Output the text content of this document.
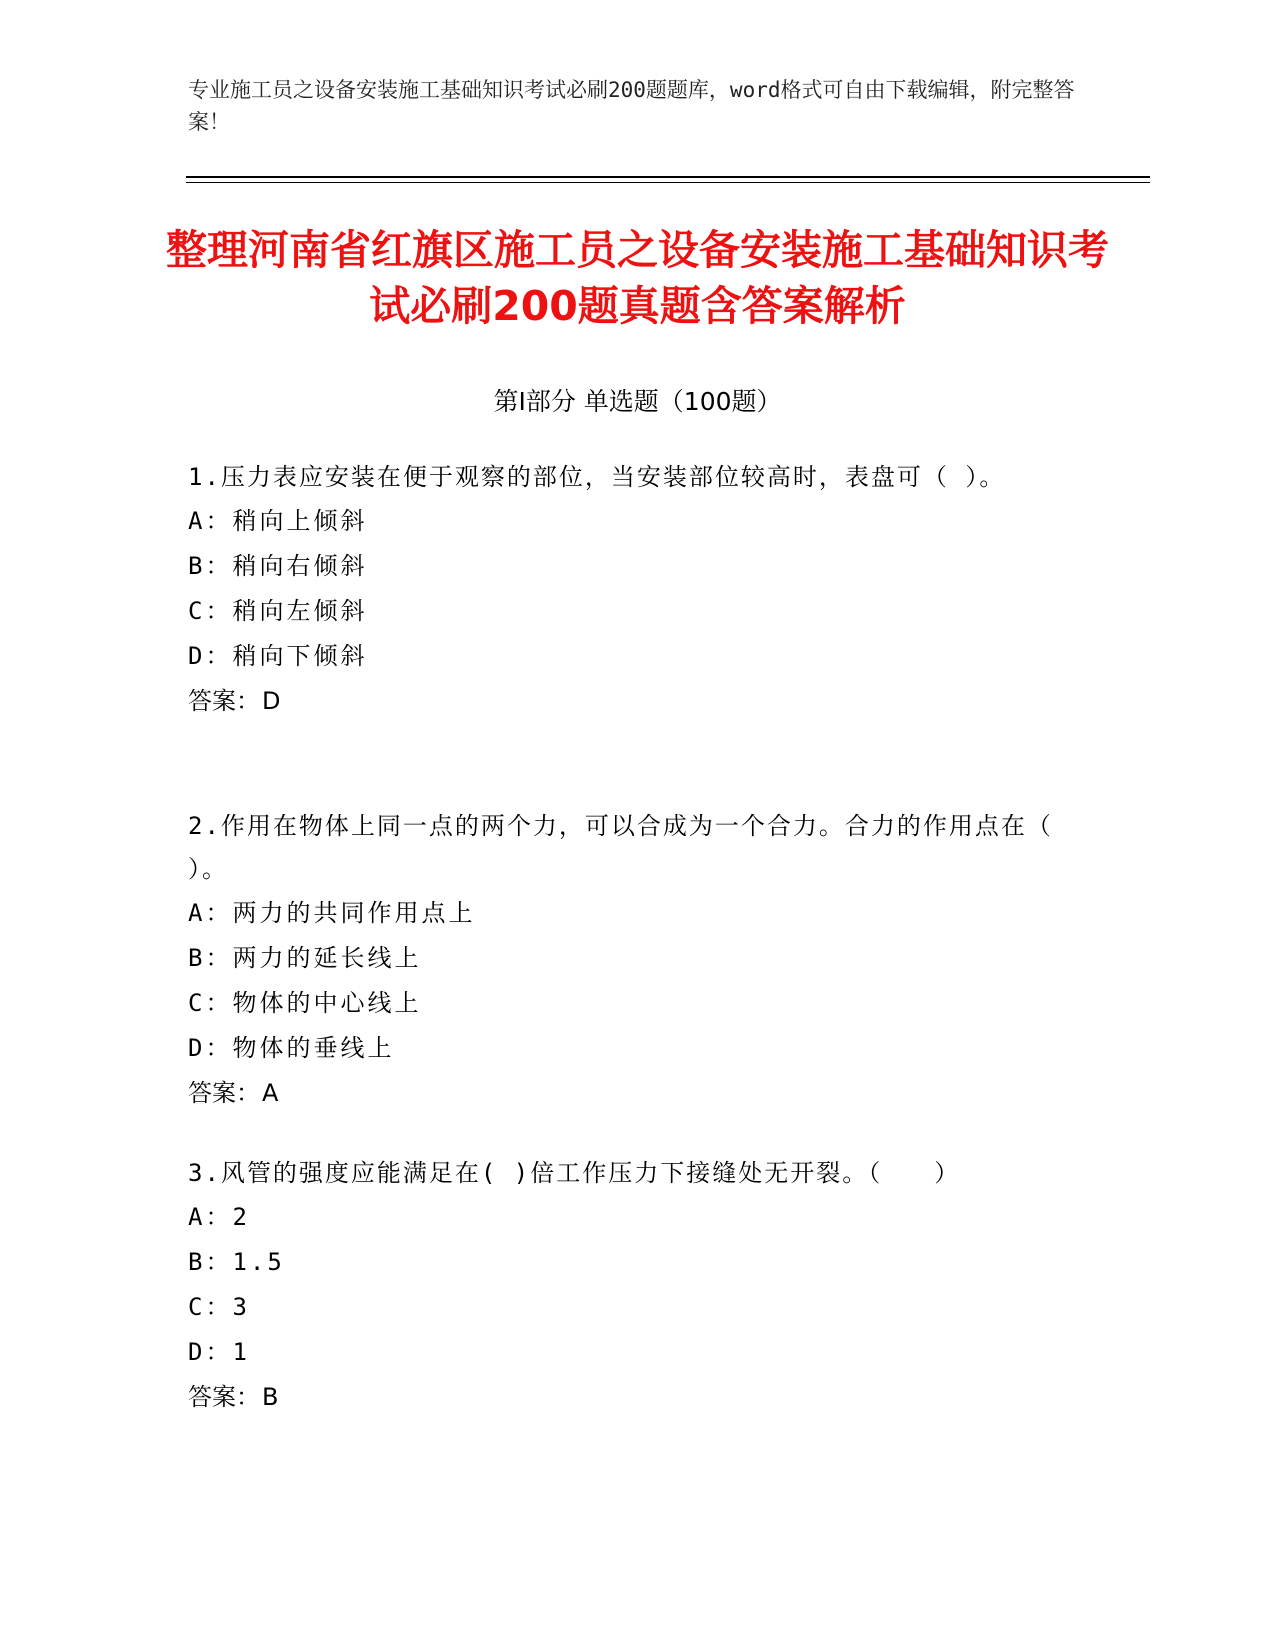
专业施工员之设备安装施工基础知识考试必刷200题题库，word格式可自由下载编辑，附完整答案！
整理河南省红旗区施工员之设备安装施工基础知识考试必刷200题真题含答案解析
第Ⅰ部分 单选题（100题）

1.压力表应安装在便于观察的部位，当安装部位较高时，表盘可（ ）。

A：稍向上倾斜

B：稍向右倾斜

C：稍向左倾斜

D：稍向下倾斜

答案：D

2.作用在物体上同一点的两个力，可以合成为一个合力。合力的作用点在（ ）。

A：两力的共同作用点上

B：两力的延长线上

C：物体的中心线上

D：物体的垂线上

答案：A

3.风管的强度应能满足在( )倍工作压力下接缝处无开裂。（　　）

A：2

B：1.5

C：3

D：1

答案：B
